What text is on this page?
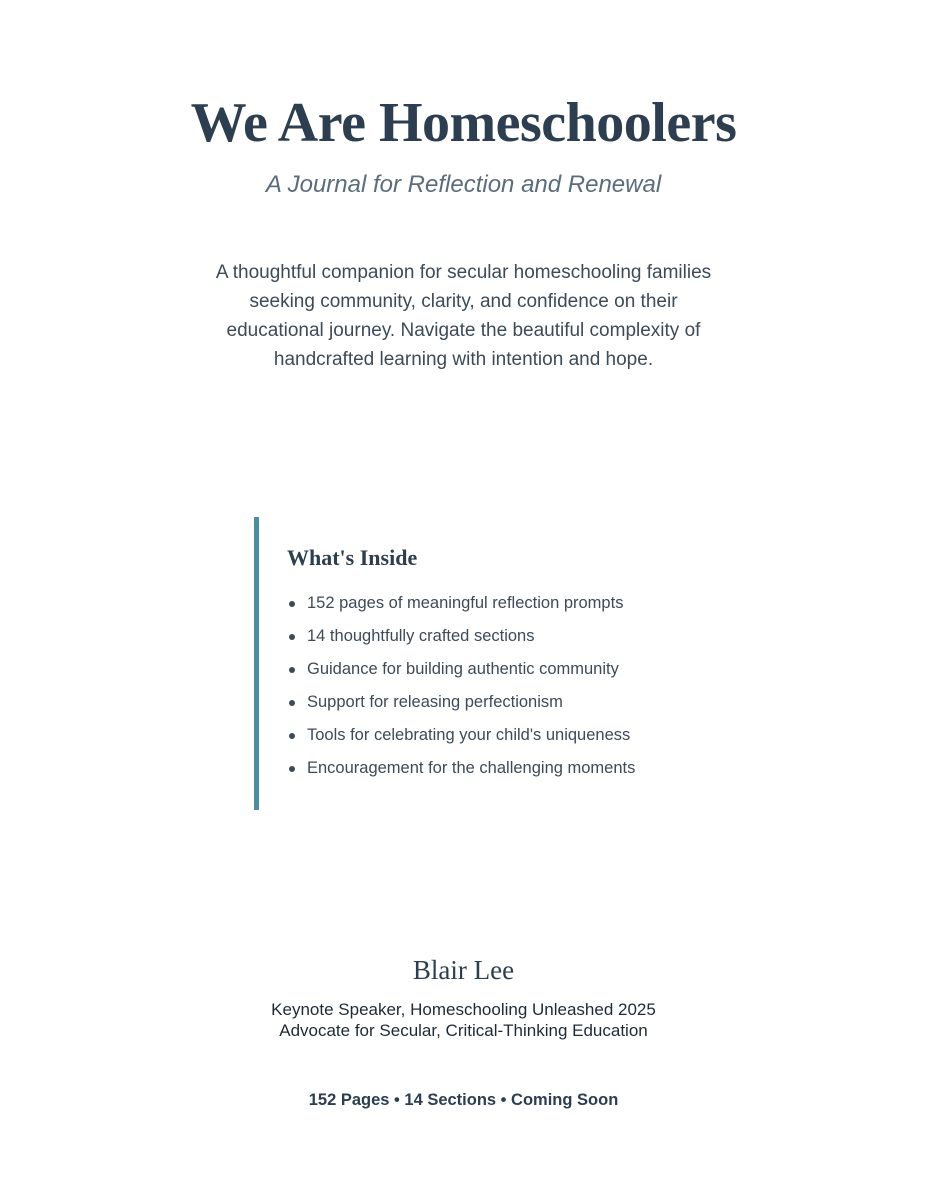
We Are Homeschoolers

A Journal for Reflection and Renewal

A thoughtful companion for secular homeschooling families seeking community, clarity, and confidence on their educational journey. Navigate the beautiful complexity of handcrafted learning with intention and hope.

What's Inside
152 pages of meaningful reflection prompts
14 thoughtfully crafted sections
Guidance for building authentic community
Support for releasing perfectionism
Tools for celebrating your child's uniqueness
Encouragement for the challenging moments

Blair Lee

Keynote Speaker, Homeschooling Unleashed 2025

Advocate for Secular, Critical-Thinking Education

152 Pages • 14 Sections • Coming Soon
